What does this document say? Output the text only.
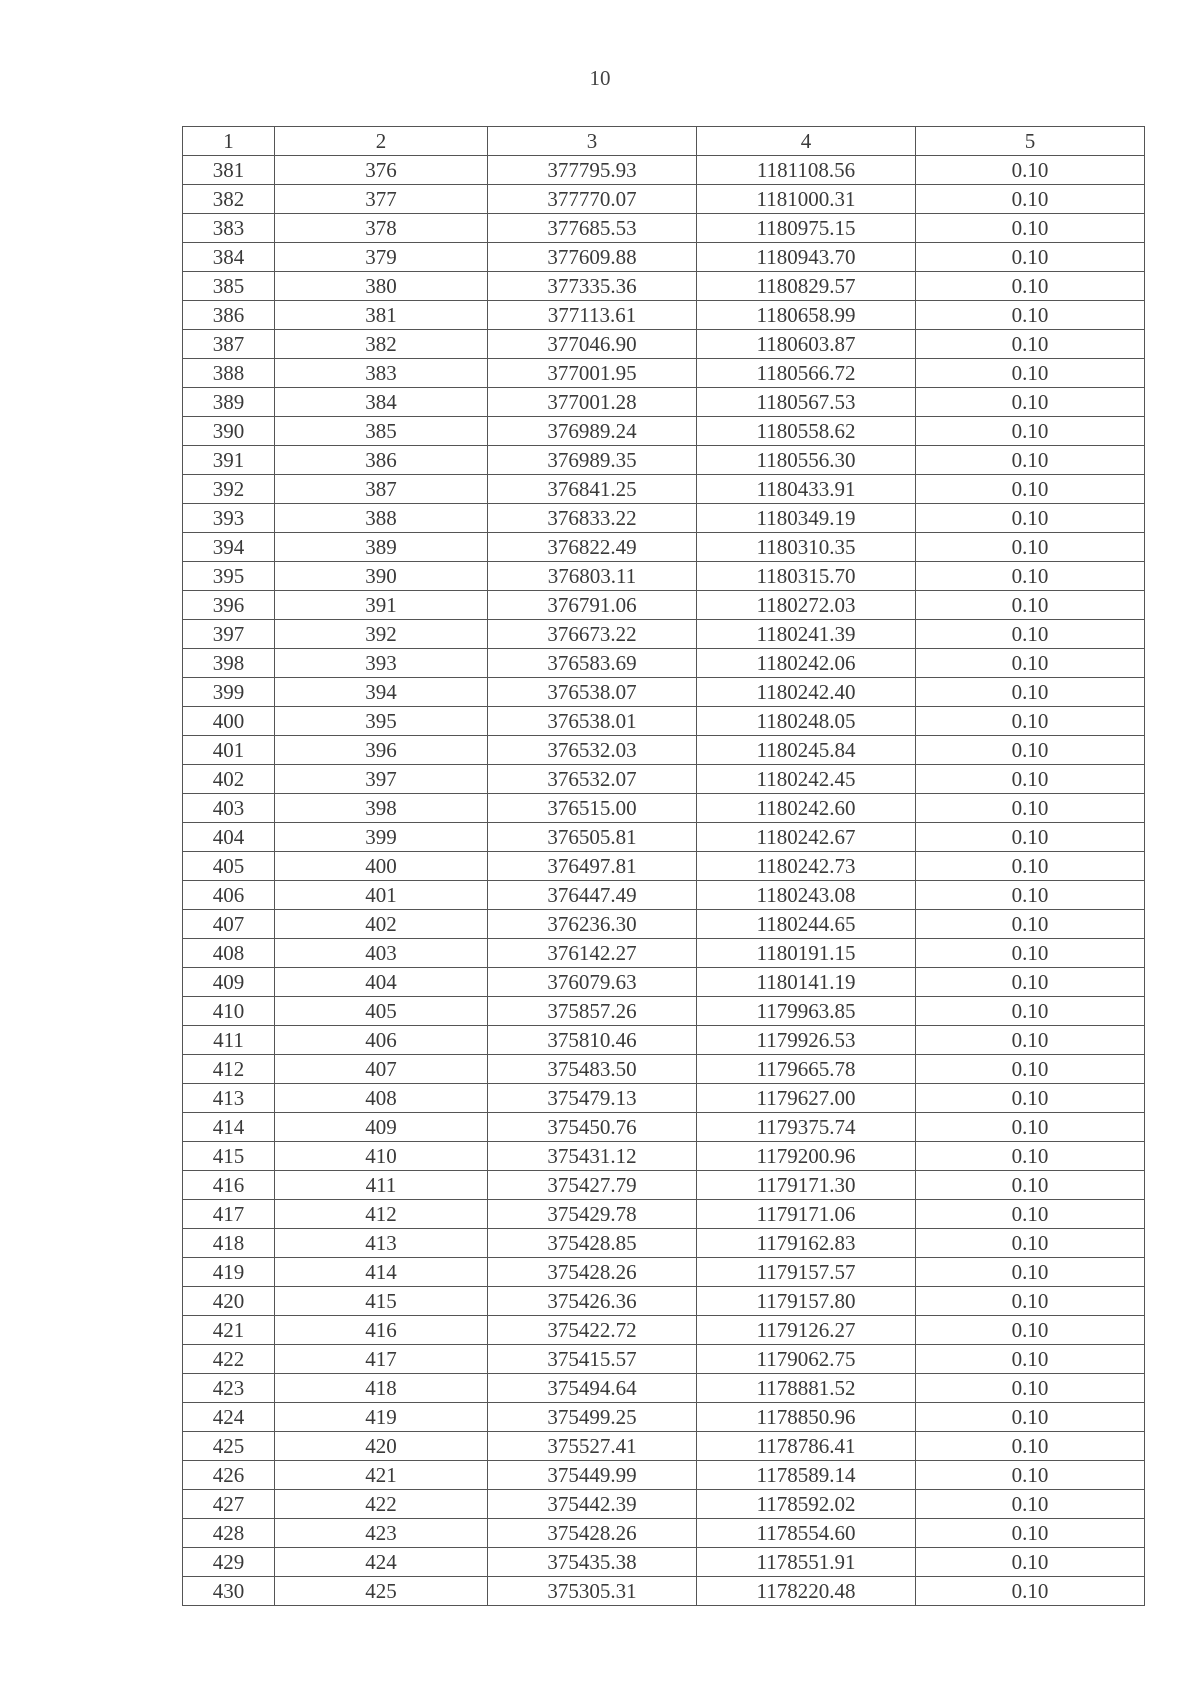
10
1	2	3	4	5
381	376	377795.93	1181108.56	0.10
382	377	377770.07	1181000.31	0.10
383	378	377685.53	1180975.15	0.10
384	379	377609.88	1180943.70	0.10
385	380	377335.36	1180829.57	0.10
386	381	377113.61	1180658.99	0.10
387	382	377046.90	1180603.87	0.10
388	383	377001.95	1180566.72	0.10
389	384	377001.28	1180567.53	0.10
390	385	376989.24	1180558.62	0.10
391	386	376989.35	1180556.30	0.10
392	387	376841.25	1180433.91	0.10
393	388	376833.22	1180349.19	0.10
394	389	376822.49	1180310.35	0.10
395	390	376803.11	1180315.70	0.10
396	391	376791.06	1180272.03	0.10
397	392	376673.22	1180241.39	0.10
398	393	376583.69	1180242.06	0.10
399	394	376538.07	1180242.40	0.10
400	395	376538.01	1180248.05	0.10
401	396	376532.03	1180245.84	0.10
402	397	376532.07	1180242.45	0.10
403	398	376515.00	1180242.60	0.10
404	399	376505.81	1180242.67	0.10
405	400	376497.81	1180242.73	0.10
406	401	376447.49	1180243.08	0.10
407	402	376236.30	1180244.65	0.10
408	403	376142.27	1180191.15	0.10
409	404	376079.63	1180141.19	0.10
410	405	375857.26	1179963.85	0.10
411	406	375810.46	1179926.53	0.10
412	407	375483.50	1179665.78	0.10
413	408	375479.13	1179627.00	0.10
414	409	375450.76	1179375.74	0.10
415	410	375431.12	1179200.96	0.10
416	411	375427.79	1179171.30	0.10
417	412	375429.78	1179171.06	0.10
418	413	375428.85	1179162.83	0.10
419	414	375428.26	1179157.57	0.10
420	415	375426.36	1179157.80	0.10
421	416	375422.72	1179126.27	0.10
422	417	375415.57	1179062.75	0.10
423	418	375494.64	1178881.52	0.10
424	419	375499.25	1178850.96	0.10
425	420	375527.41	1178786.41	0.10
426	421	375449.99	1178589.14	0.10
427	422	375442.39	1178592.02	0.10
428	423	375428.26	1178554.60	0.10
429	424	375435.38	1178551.91	0.10
430	425	375305.31	1178220.48	0.10
